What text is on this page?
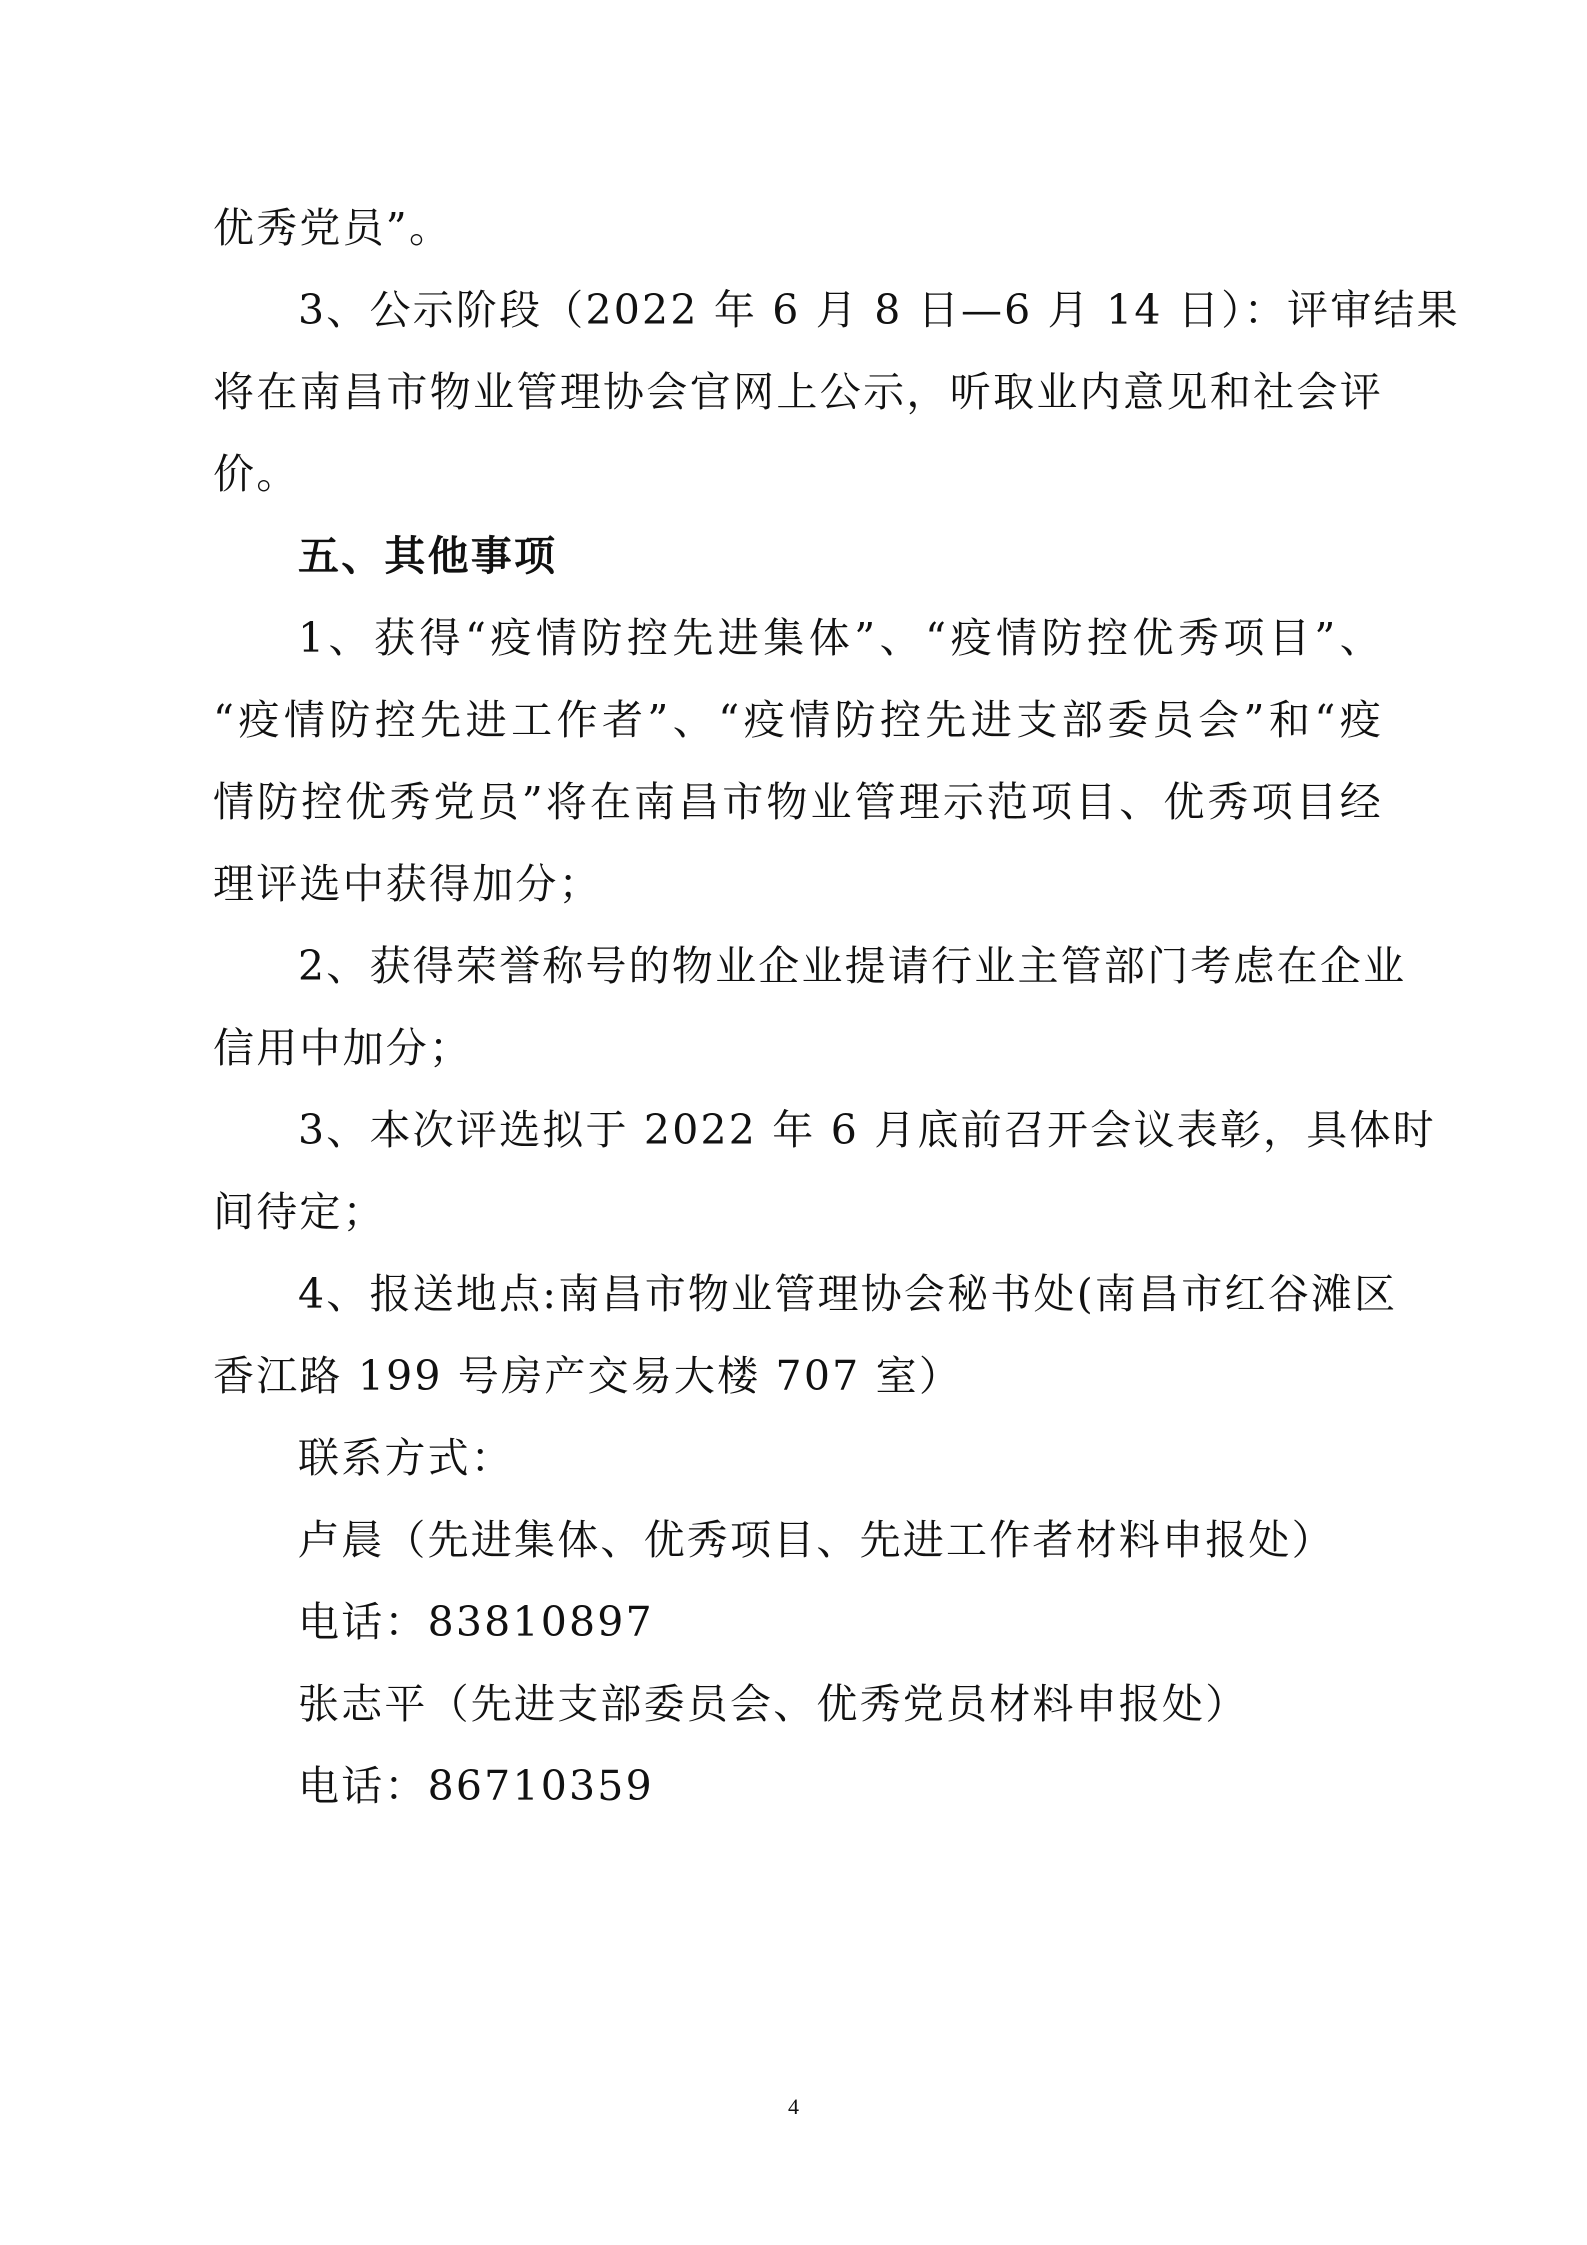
优秀党员”。
3、公示阶段（2022 年 6 月 8 日—6 月 14 日）：评审结果
将在南昌市物业管理协会官网上公示，听取业内意见和社会评
价。
五、其他事项
1、获得“疫情防控先进集体”、“疫情防控优秀项目”、
“疫情防控先进工作者”、“疫情防控先进支部委员会”和“疫
情防控优秀党员”将在南昌市物业管理示范项目、优秀项目经
理评选中获得加分；
2、获得荣誉称号的物业企业提请行业主管部门考虑在企业
信用中加分；
3、本次评选拟于 2022 年 6 月底前召开会议表彰，具体时
间待定；
4、报送地点:南昌市物业管理协会秘书处(南昌市红谷滩区
香江路 199 号房产交易大楼 707 室）
联系方式：
卢晨（先进集体、优秀项目、先进工作者材料申报处）
电话：83810897
张志平（先进支部委员会、优秀党员材料申报处）
电话：86710359
4
